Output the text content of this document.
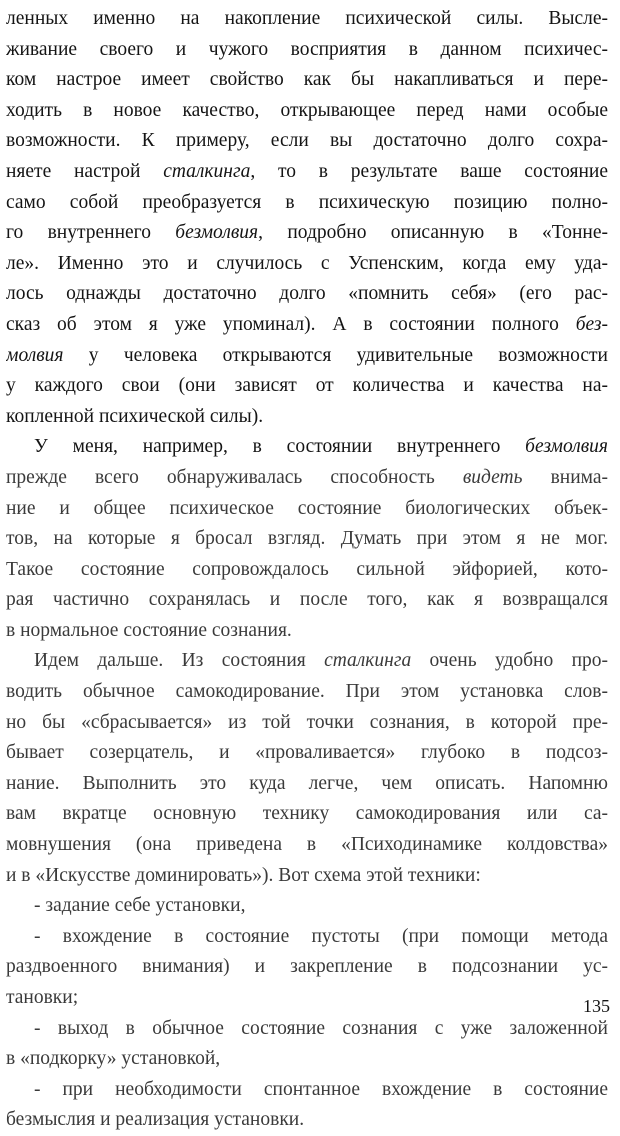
ленных именно на накопление психической силы. Высле-
живание своего и чужого восприятия в данном психичес-
ком настрое имеет свойство как бы накапливаться и пере-
ходить в новое качество, открывающее перед нами особые
возможности. К примеру, если вы достаточно долго сохра-
няете настрой сталкинга, то в результате ваше состояние
само собой преобразуется в психическую позицию полно-
го внутреннего безмолвия, подробно описанную в «Тонне-
ле». Именно это и случилось с Успенским, когда ему уда-
лось однажды достаточно долго «помнить себя» (его рас-
сказ об этом я уже упоминал). А в состоянии полного без-
молвия у человека открываются удивительные возможности
у каждого свои (они зависят от количества и качества на-
копленной психической силы).
У меня, например, в состоянии внутреннего безмолвия
прежде всего обнаруживалась способность видеть внима-
ние и общее психическое состояние биологических объек-
тов, на которые я бросал взгляд. Думать при этом я не мог.
Такое состояние сопровождалось сильной эйфорией, кото-
рая частично сохранялась и после того, как я возвращался
в нормальное состояние сознания.
Идем дальше. Из состояния сталкинга очень удобно про-
водить обычное самокодирование. При этом установка слов-
но бы «сбрасывается» из той точки сознания, в которой пре-
бывает созерцатель, и «проваливается» глубоко в подсоз-
нание. Выполнить это куда легче, чем описать. Напомню
вам вкратце основную технику самокодирования или са-
мовнушения (она приведена в «Психодинамике колдовства»
и в «Искусстве доминировать»). Вот схема этой техники:
- задание себе установки,
- вхождение в состояние пустоты (при помощи метода
раздвоенного внимания) и закрепление в подсознании ус-
тановки;
- выход в обычное состояние сознания с уже заложенной
в «подкорку» установкой,
- при необходимости спонтанное вхождение в состояние
безмыслия и реализация установки.
135
